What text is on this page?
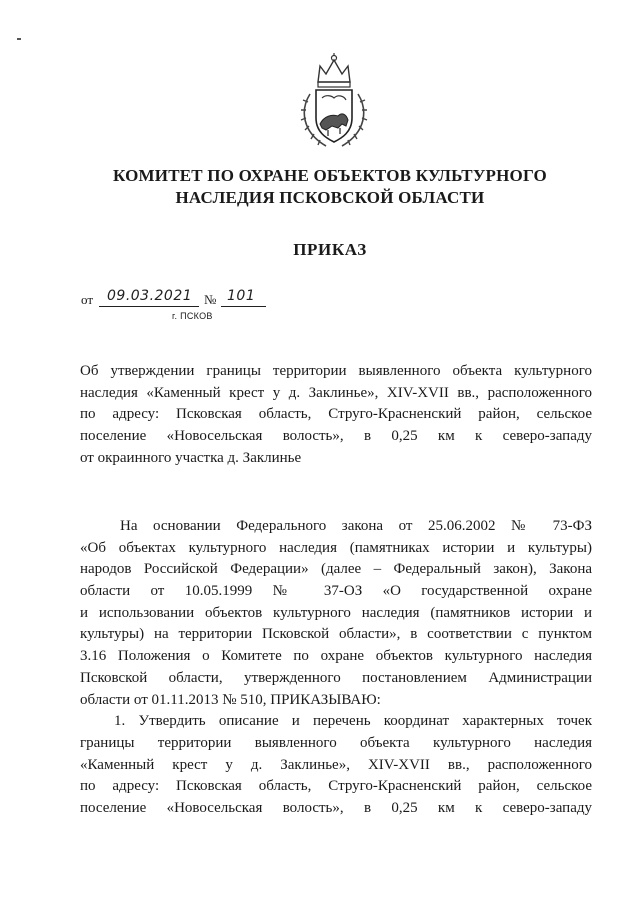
КОМИТЕТ ПО ОХРАНЕ ОБЪЕКТОВ КУЛЬТУРНОГО
НАСЛЕДИЯ ПСКОВСКОЙ ОБЛАСТИ
ПРИКАЗ
от 09.03.2021 № 101
г. ПСКОВ
Об утверждении границы территории выявленного объекта культурного
наследия «Каменный крест у д. Заклинье», XIV-XVII вв., расположенного
по адресу: Псковская область, Струго-Красненский район, сельское
поселение «Новосельская волость», в 0,25 км к северо-западу
от окраинного участка д. Заклинье
На основании Федерального закона от 25.06.2002 № 73-ФЗ
«Об объектах культурного наследия (памятниках истории и культуры)
народов Российской Федерации» (далее – Федеральный закон), Закона
области от 10.05.1999 № 37-ОЗ «О государственной охране
и использовании объектов культурного наследия (памятников истории и
культуры) на территории Псковской области», в соответствии с пунктом
3.16 Положения о Комитете по охране объектов культурного наследия
Псковской области, утвержденного постановлением Администрации
области от 01.11.2013 № 510, ПРИКАЗЫВАЮ:
1. Утвердить описание и перечень координат характерных точек
границы территории выявленного объекта культурного наследия
«Каменный крест у д. Заклинье», XIV-XVII вв., расположенного
по адресу: Псковская область, Струго-Красненский район, сельское
поселение «Новосельская волость», в 0,25 км к северо-западу
